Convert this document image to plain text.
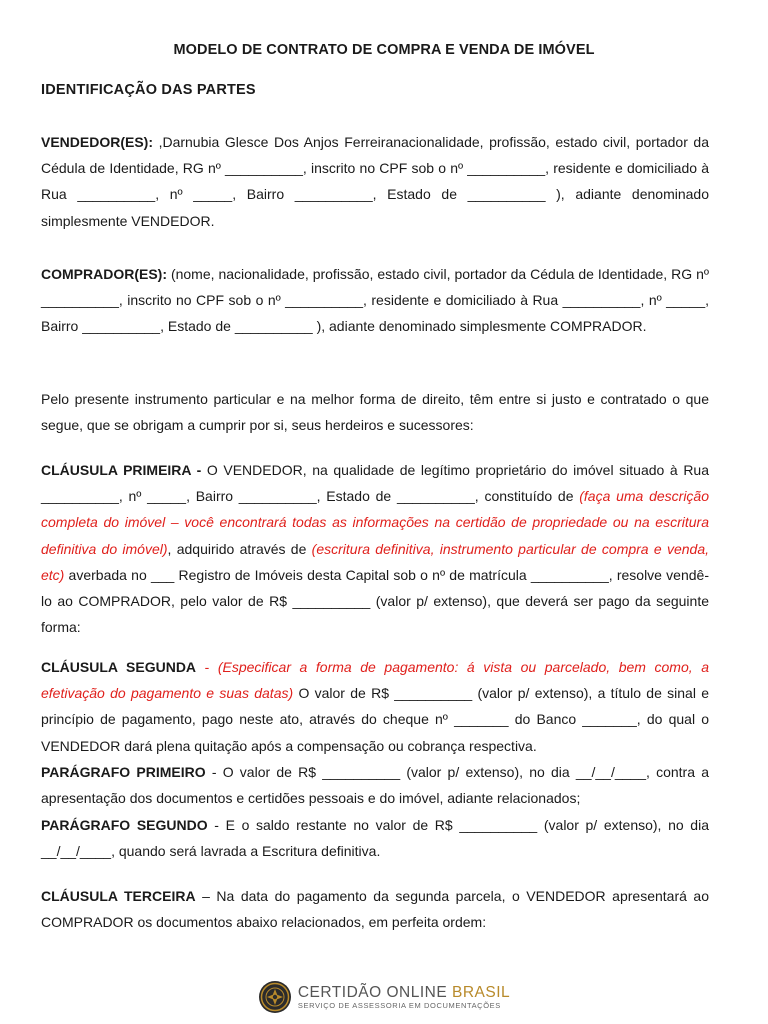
MODELO DE CONTRATO DE COMPRA E VENDA DE IMÓVEL
IDENTIFICAÇÃO DAS PARTES
VENDEDOR(ES): ,Darnubia Glesce Dos Anjos Ferreiranacionalidade, profissão, estado civil, portador da Cédula de Identidade, RG nº __________, inscrito no CPF sob o nº __________, residente e domiciliado à Rua __________, nº _____, Bairro __________, Estado de __________ ), adiante denominado simplesmente VENDEDOR.
COMPRADOR(ES): (nome, nacionalidade, profissão, estado civil, portador da Cédula de Identidade, RG nº __________, inscrito no CPF sob o nº __________, residente e domiciliado à Rua __________, nº _____, Bairro __________, Estado de __________ ), adiante denominado simplesmente COMPRADOR.
Pelo presente instrumento particular e na melhor forma de direito, têm entre si justo e contratado o que segue, que se obrigam a cumprir por si, seus herdeiros e sucessores:
CLÁUSULA PRIMEIRA - O VENDEDOR, na qualidade de legítimo proprietário do imóvel situado à Rua __________, nº _____, Bairro __________, Estado de __________, constituído de (faça uma descrição completa do imóvel – você encontrará todas as informações na certidão de propriedade ou na escritura definitiva do imóvel), adquirido através de (escritura definitiva, instrumento particular de compra e venda, etc) averbada no ___ Registro de Imóveis desta Capital sob o nº de matrícula __________, resolve vendê-lo ao COMPRADOR, pelo valor de R$ __________ (valor p/ extenso), que deverá ser pago da seguinte forma:
CLÁUSULA SEGUNDA - (Especificar a forma de pagamento: á vista ou parcelado, bem como, a efetivação do pagamento e suas datas) O valor de R$ __________ (valor p/ extenso), a título de sinal e princípio de pagamento, pago neste ato, através do cheque nº _______ do Banco _______, do qual o VENDEDOR dará plena quitação após a compensação ou cobrança respectiva.
PARÁGRAFO PRIMEIRO - O valor de R$ __________ (valor p/ extenso), no dia __/__/____, contra a apresentação dos documentos e certidões pessoais e do imóvel, adiante relacionados;
PARÁGRAFO SEGUNDO - E o saldo restante no valor de R$ __________ (valor p/ extenso), no dia __/__/____, quando será lavrada a Escritura definitiva.
CLÁUSULA TERCEIRA – Na data do pagamento da segunda parcela, o VENDEDOR apresentará ao COMPRADOR os documentos abaixo relacionados, em perfeita ordem:
CERTIDÃO ONLINE BRASIL
SERVIÇO DE ASSESSORIA EM DOCUMENTAÇÕES
